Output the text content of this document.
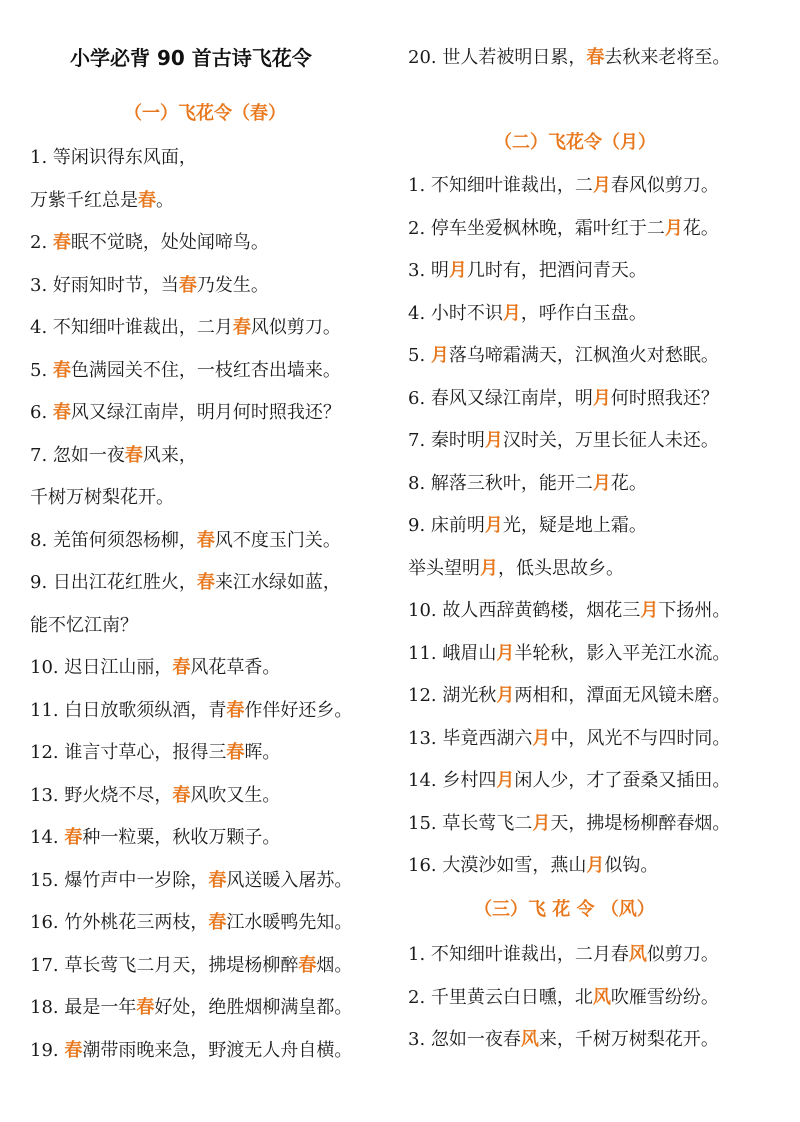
小学必背 90 首古诗飞花令
（一）飞花令（春）
1. 等闲识得东风面，
万紫千红总是春。
2. 春眠不觉晓，处处闻啼鸟。
3. 好雨知时节，当春乃发生。
4. 不知细叶谁裁出，二月春风似剪刀。
5. 春色满园关不住，一枝红杏出墙来。
6. 春风又绿江南岸，明月何时照我还？
7. 忽如一夜春风来，
千树万树梨花开。
8. 羌笛何须怨杨柳，春风不度玉门关。
9. 日出江花红胜火，春来江水绿如蓝，
能不忆江南？
10. 迟日江山丽，春风花草香。
11. 白日放歌须纵酒，青春作伴好还乡。
12. 谁言寸草心，报得三春晖。
13. 野火烧不尽，春风吹又生。
14. 春种一粒粟，秋收万颗子。
15. 爆竹声中一岁除，春风送暖入屠苏。
16. 竹外桃花三两枝，春江水暖鸭先知。
17. 草长莺飞二月天，拂堤杨柳醉春烟。
18. 最是一年春好处，绝胜烟柳满皇都。
19. 春潮带雨晚来急，野渡无人舟自横。
20. 世人若被明日累，春去秋来老将至。
（二）飞花令（月）
（三）飞 花 令 （风）
1. 不知细叶谁裁出，二月春风似剪刀。
2. 停车坐爱枫林晚，霜叶红于二月花。
3. 明月几时有，把酒问青天。
4. 小时不识月，呼作白玉盘。
5. 月落乌啼霜满天，江枫渔火对愁眠。
6. 春风又绿江南岸，明月何时照我还？
7. 秦时明月汉时关，万里长征人未还。
8. 解落三秋叶，能开二月花。
9. 床前明月光，疑是地上霜。
举头望明月，低头思故乡。
10. 故人西辞黄鹤楼，烟花三月下扬州。
11. 峨眉山月半轮秋，影入平羌江水流。
12. 湖光秋月两相和，潭面无风镜未磨。
13. 毕竟西湖六月中，风光不与四时同。
14. 乡村四月闲人少，才了蚕桑又插田。
15. 草长莺飞二月天，拂堤杨柳醉春烟。
16. 大漠沙如雪，燕山月似钩。
1. 不知细叶谁裁出，二月春风似剪刀。
2. 千里黄云白日曛，北风吹雁雪纷纷。
3. 忽如一夜春风来，千树万树梨花开。
